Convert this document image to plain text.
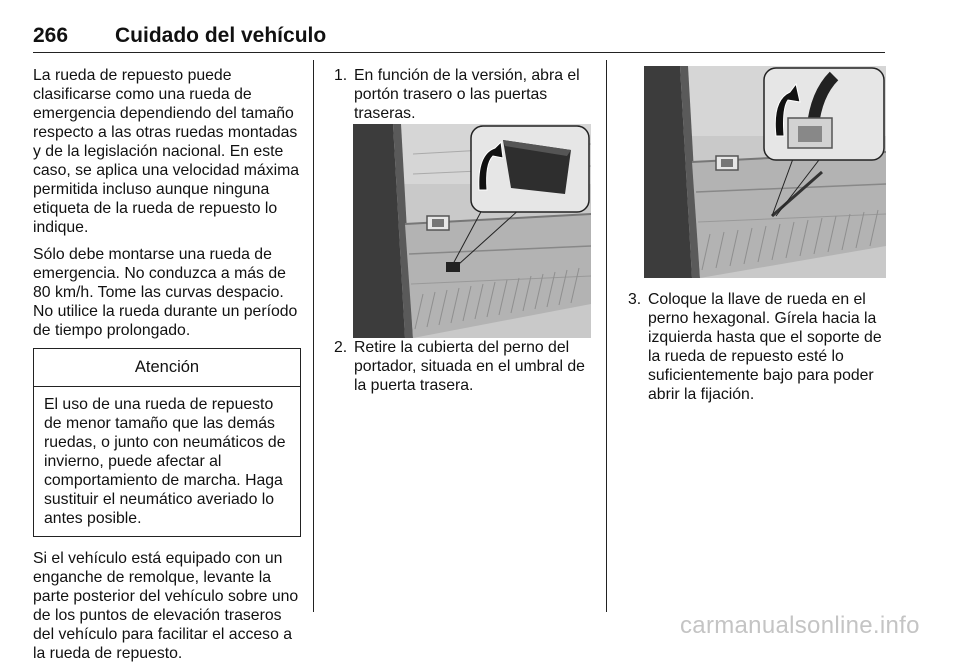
266 Cuidado del vehículo

La rueda de repuesto puede clasificarse como una rueda de emergencia dependiendo del tamaño respecto a las otras ruedas montadas y de la legislación nacional. En este caso, se aplica una velocidad máxima permitida incluso aunque ninguna etiqueta de la rueda de repuesto lo indique.

Sólo debe montarse una rueda de emergencia. No conduzca a más de 80 km/h. Tome las curvas despacio. No utilice la rueda durante un período de tiempo prolongado.

Atención
El uso de una rueda de repuesto de menor tamaño que las demás ruedas, o junto con neumáticos de invierno, puede afectar al comportamiento de marcha. Haga sustituir el neumático averiado lo antes posible.

Si el vehículo está equipado con un enganche de remolque, levante la parte posterior del vehículo sobre uno de los puntos de elevación traseros del vehículo para facilitar el acceso a la rueda de repuesto.

1. En función de la versión, abra el portón trasero o las puertas traseras.
2. Retire la cubierta del perno del portador, situada en el umbral de la puerta trasera.
3. Coloque la llave de rueda en el perno hexagonal. Gírela hacia la izquierda hasta que el soporte de la rueda de repuesto esté lo suficientemente bajo para poder abrir la fijación.
carmanualsonline.info
